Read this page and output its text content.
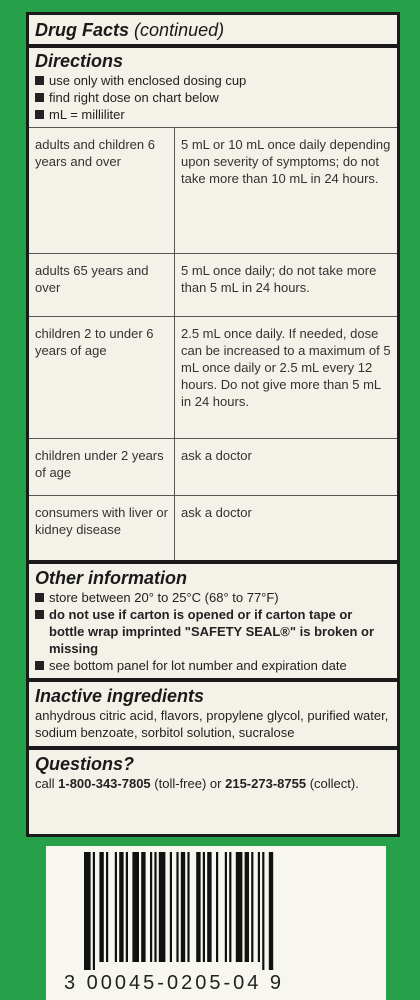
Drug Facts (continued)
Directions
use only with enclosed dosing cup
find right dose on chart below
mL = milliliter
adults and children 6 years and over	5 mL or 10 mL once daily depending upon severity of symptoms; do not take more than 10 mL in 24 hours.
adults 65 years and over	5 mL once daily; do not take more than 5 mL in 24 hours.
children 2 to under 6 years of age	2.5 mL once daily. If needed, dose can be increased to a maximum of 5 mL once daily or 2.5 mL every 12 hours. Do not give more than 5 mL in 24 hours.
children under 2 years of age	ask a doctor
consumers with liver or kidney disease	ask a doctor
Other information
store between 20° to 25°C (68° to 77°F)
do not use if carton is opened or if carton tape or bottle wrap imprinted "SAFETY SEAL®" is broken or missing
see bottom panel for lot number and expiration date
Inactive ingredients
anhydrous citric acid, flavors, propylene glycol, purified water, sodium benzoate, sorbitol solution, sucralose
Questions?
call 1-800-343-7805 (toll-free) or 215-273-8755 (collect).
3 00045-0205-04 9
